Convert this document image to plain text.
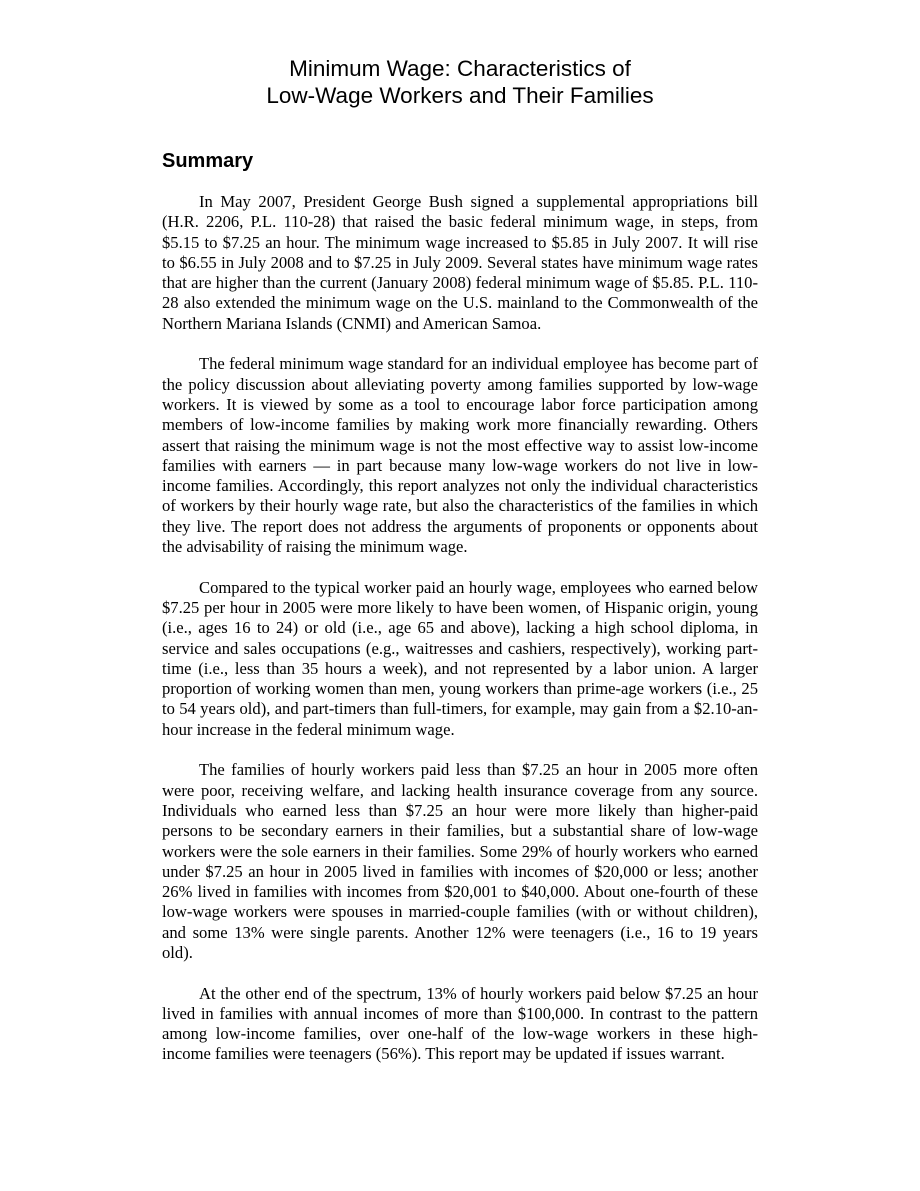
Minimum Wage: Characteristics of
Low-Wage Workers and Their Families
Summary

In May 2007, President George Bush signed a supplemental appropriations bill (H.R. 2206, P.L. 110-28) that raised the basic federal minimum wage, in steps, from $5.15 to $7.25 an hour. The minimum wage increased to $5.85 in July 2007. It will rise to $6.55 in July 2008 and to $7.25 in July 2009. Several states have minimum wage rates that are higher than the current (January 2008) federal minimum wage of $5.85. P.L. 110-28 also extended the minimum wage on the U.S. mainland to the Commonwealth of the Northern Mariana Islands (CNMI) and American Samoa.

The federal minimum wage standard for an individual employee has become part of the policy discussion about alleviating poverty among families supported by low-wage workers. It is viewed by some as a tool to encourage labor force participation among members of low-income families by making work more financially rewarding. Others assert that raising the minimum wage is not the most effective way to assist low-income families with earners — in part because many low-wage workers do not live in low-income families. Accordingly, this report analyzes not only the individual characteristics of workers by their hourly wage rate, but also the characteristics of the families in which they live. The report does not address the arguments of proponents or opponents about the advisability of raising the minimum wage.

Compared to the typical worker paid an hourly wage, employees who earned below $7.25 per hour in 2005 were more likely to have been women, of Hispanic origin, young (i.e., ages 16 to 24) or old (i.e., age 65 and above), lacking a high school diploma, in service and sales occupations (e.g., waitresses and cashiers, respectively), working part-time (i.e., less than 35 hours a week), and not represented by a labor union. A larger proportion of working women than men, young workers than prime-age workers (i.e., 25 to 54 years old), and part-timers than full-timers, for example, may gain from a $2.10-an-hour increase in the federal minimum wage.

The families of hourly workers paid less than $7.25 an hour in 2005 more often were poor, receiving welfare, and lacking health insurance coverage from any source. Individuals who earned less than $7.25 an hour were more likely than higher-paid persons to be secondary earners in their families, but a substantial share of low-wage workers were the sole earners in their families. Some 29% of hourly workers who earned under $7.25 an hour in 2005 lived in families with incomes of $20,000 or less; another 26% lived in families with incomes from $20,001 to $40,000. About one-fourth of these low-wage workers were spouses in married-couple families (with or without children), and some 13% were single parents. Another 12% were teenagers (i.e., 16 to 19 years old).

At the other end of the spectrum, 13% of hourly workers paid below $7.25 an hour lived in families with annual incomes of more than $100,000. In contrast to the pattern among low-income families, over one-half of the low-wage workers in these high-income families were teenagers (56%). This report may be updated if issues warrant.
